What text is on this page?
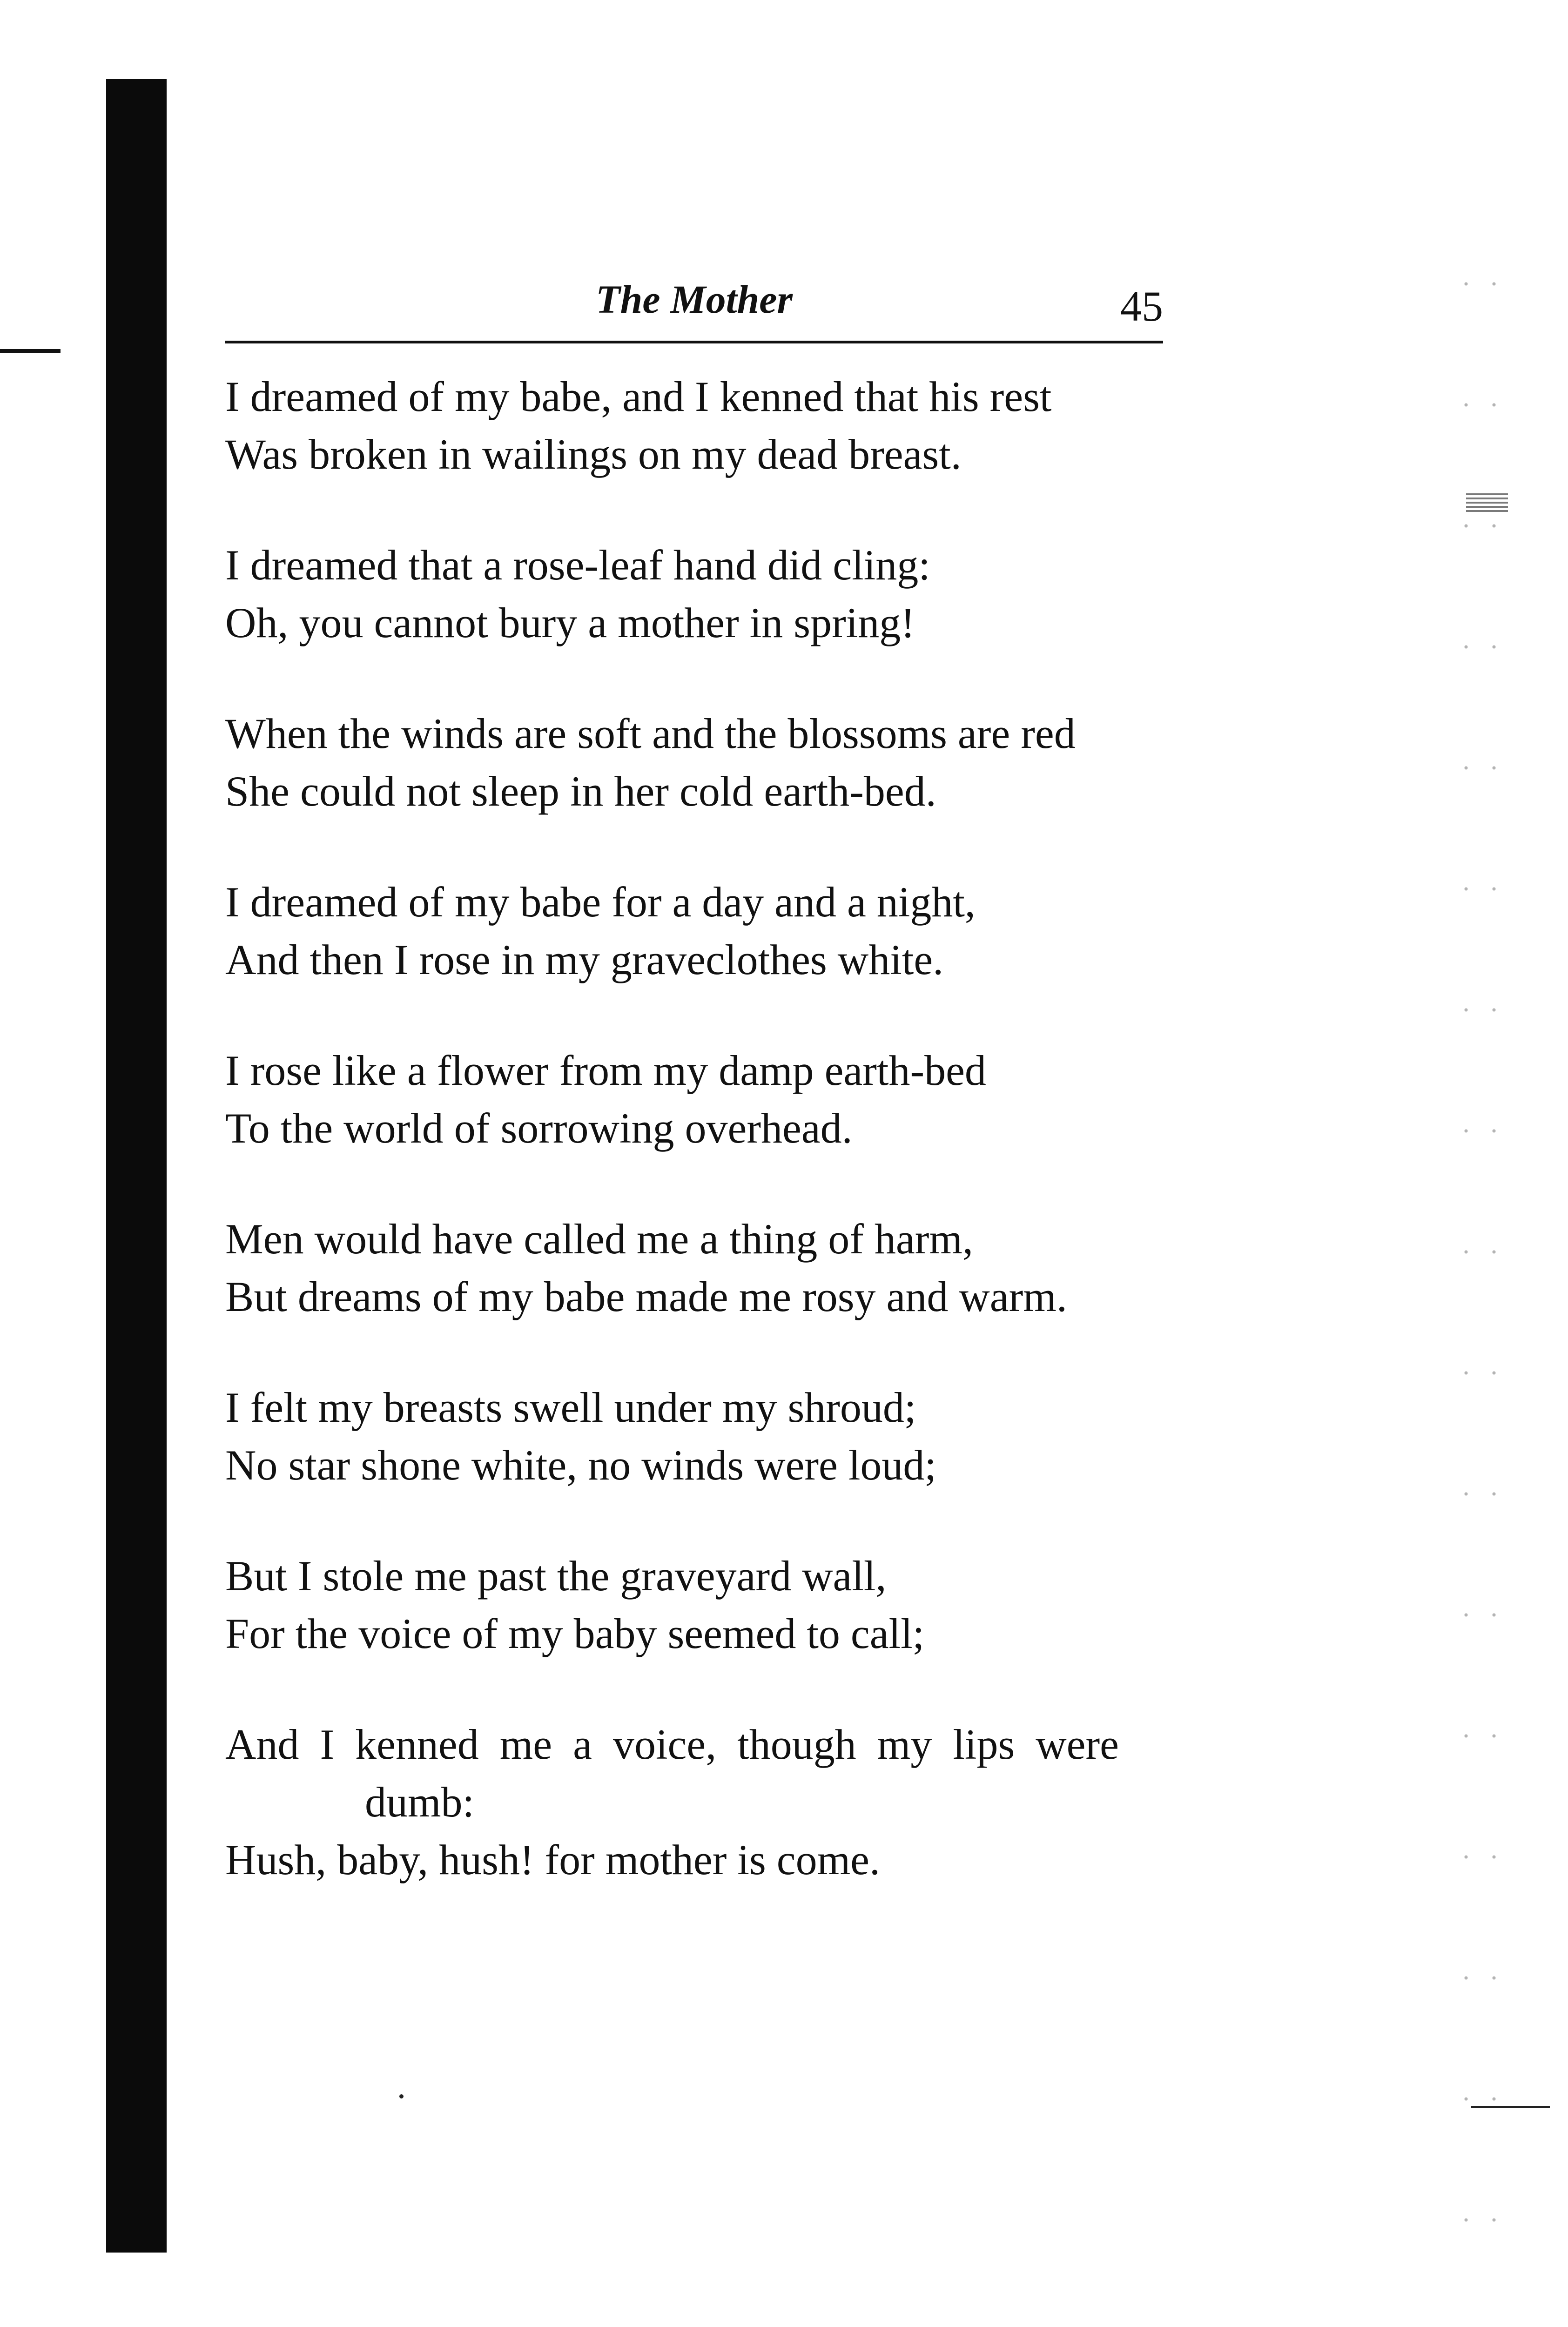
The Mother	45
I dreamed of my babe, and I kenned that his rest
Was broken in wailings on my dead breast.
I dreamed that a rose-leaf hand did cling:
Oh, you cannot bury a mother in spring!
When the winds are soft and the blossoms are red
She could not sleep in her cold earth-bed.
I dreamed of my babe for a day and a night,
And then I rose in my graveclothes white.
I rose like a flower from my damp earth-bed
To the world of sorrowing overhead.
Men would have called me a thing of harm,
But dreams of my babe made me rosy and warm.
I felt my breasts swell under my shroud;
No star shone white, no winds were loud;
But I stole me past the graveyard wall,
For the voice of my baby seemed to call;
And I kenned me a voice, though my lips were
dumb:
Hush, baby, hush! for mother is come.
